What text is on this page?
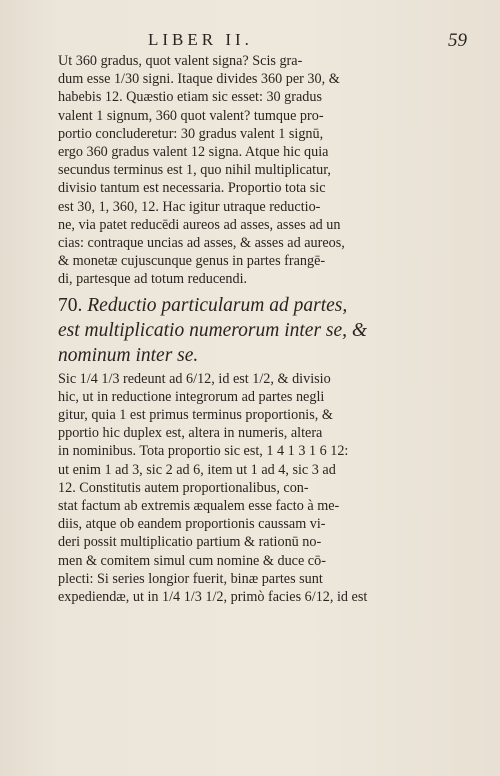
LIBER II.	59
Ut 360 gradus, quot valent signa? Scis gra-
dum esse 1/30 signi. Itaque divides 360 per 30, &
habebis 12. Quæstio etiam sic esset: 30 gradus
valent 1 signum, 360 quot valent? tumque pro-
portio concluderetur: 30 gradus valent 1 signū,
ergo 360 gradus valent 12 signa. Atque hic quia
secundus terminus est 1, quo nihil multiplicatur,
divisio tantum est necessaria. Proportio tota sic
est 30, 1, 360, 12. Hac igitur utraque reductio-
ne, via patet reducēdi aureos ad asses, asses ad un
cias: contraque uncias ad asses, & asses ad aureos,
& monetæ cujuscunque genus in partes frangē-
di, partesque ad totum reducendi.
70. Reductio particularum ad partes,
est multiplicatio numerorum inter se, &
nominum inter se.
Sic 1/4 1/3 redeunt ad 6/12, id est 1/2, & divisio
hic, ut in reductione integrorum ad partes negli
gitur, quia 1 est primus terminus proportionis, &
pportio hic duplex est, altera in numeris, altera
in nominibus. Tota proportio sic est, 1 4 1 3 1 6 12:
ut enim 1 ad 3, sic 2 ad 6, item ut 1 ad 4, sic 3 ad
12. Constitutis autem proportionalibus, con-
stat factum ab extremis æqualem esse facto à me-
diis, atque ob eandem proportionis caussam vi-
deri possit multiplicatio partium & rationū no-
men & comitem simul cum nomine & duce cō-
plecti: Si series longior fuerit, binæ partes sunt
expediendæ, ut in 1/4 1/3 1/2, primò facies 6/12, id est
